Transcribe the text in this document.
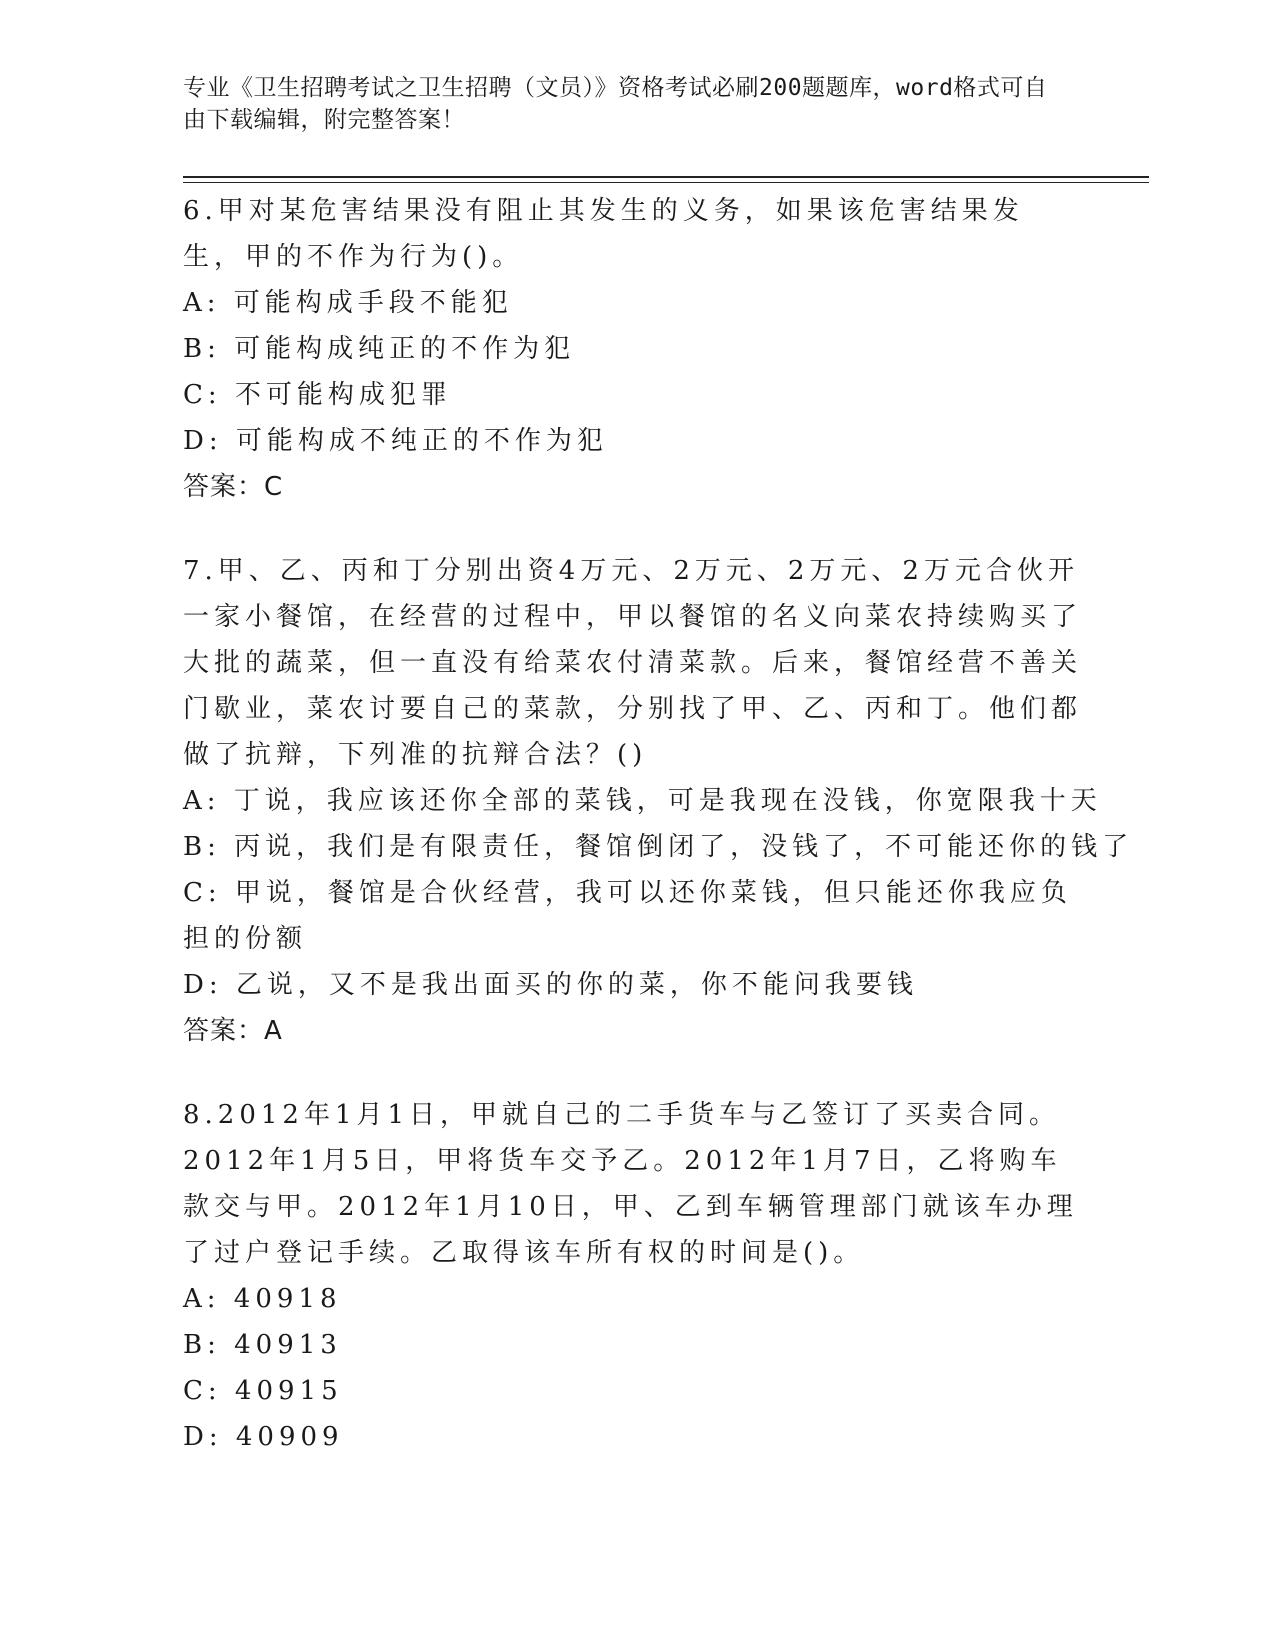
专业《卫生招聘考试之卫生招聘（文员）》资格考试必刷200题题库，word格式可自由下载编辑，附完整答案！

6.甲对某危害结果没有阻止其发生的义务，如果该危害结果发生，甲的不作为行为()。

A: 可能构成手段不能犯

B: 可能构成纯正的不作为犯

C: 不可能构成犯罪

D: 可能构成不纯正的不作为犯

答案：C

7.甲、乙、丙和丁分别出资4万元、2万元、2万元、2万元合伙开一家小餐馆，在经营的过程中，甲以餐馆的名义向菜农持续购买了大批的蔬菜，但一直没有给菜农付清菜款。后来，餐馆经营不善关门歇业，菜农讨要自己的菜款，分别找了甲、乙、丙和丁。他们都做了抗辩，下列准的抗辩合法？()

A: 丁说，我应该还你全部的菜钱，可是我现在没钱，你宽限我十天

B: 丙说，我们是有限责任，餐馆倒闭了，没钱了，不可能还你的钱了

C: 甲说，餐馆是合伙经营，我可以还你菜钱，但只能还你我应负担的份额

D: 乙说，又不是我出面买的你的菜，你不能问我要钱

答案：A

8.2012年1月1日，甲就自己的二手货车与乙签订了买卖合同。2012年1月5日，甲将货车交予乙。2012年1月7日，乙将购车款交与甲。2012年1月10日，甲、乙到车辆管理部门就该车办理了过户登记手续。乙取得该车所有权的时间是()。

A: 40918

B: 40913

C: 40915

D: 40909
